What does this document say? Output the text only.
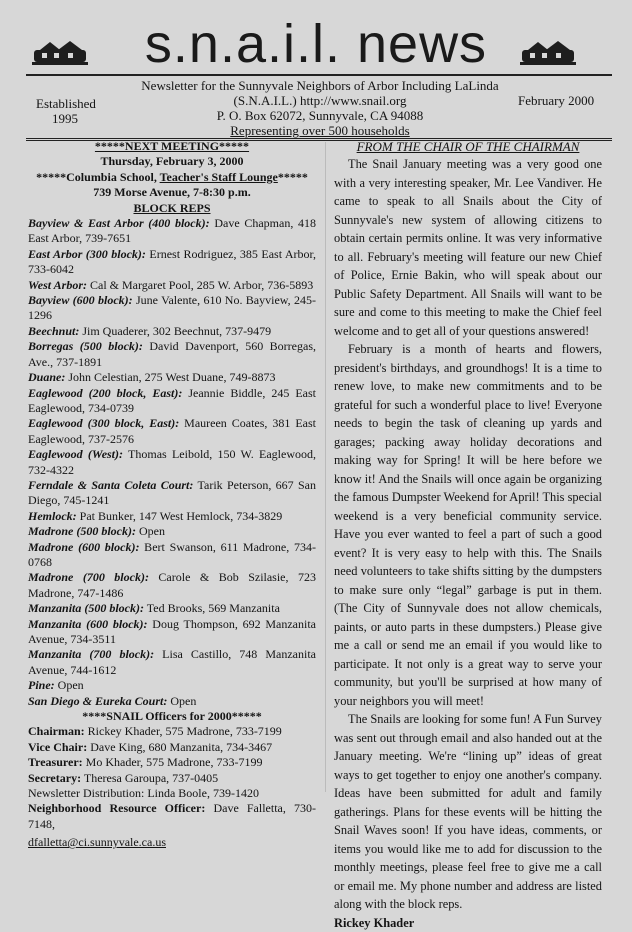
s.n.a.i.l. news
Newsletter for the Sunnyvale Neighbors of Arbor Including LaLinda
(S.N.A.I.L.) http://www.snail.org
P. O. Box 62072, Sunnyvale, CA 94088
Representing over 500 households
Established
1995
February 2000
*****NEXT MEETING*****
Thursday, February 3, 2000
*****Columbia School, Teacher's Staff Lounge*****
739 Morse Avenue, 7-8:30 p.m.
BLOCK REPS
Bayview & East Arbor (400 block): Dave Chapman, 418 East Arbor, 739-7651
East Arbor (300 block): Ernest Rodriguez, 385 East Arbor, 733-6042
West Arbor: Cal & Margaret Pool, 285 W. Arbor, 736-5893
Bayview (600 block): June Valente, 610 No. Bayview, 245-1296
Beechnut: Jim Quaderer, 302 Beechnut, 737-9479
Borregas (500 block): David Davenport, 560 Borregas, Ave., 737-1891
Duane: John Celestian, 275 West Duane, 749-8873
Eaglewood (200 block, East): Jeannie Biddle, 245 East Eaglewood, 734-0739
Eaglewood (300 block, East): Maureen Coates, 381 East Eaglewood, 737-2576
Eaglewood (West): Thomas Leibold, 150 W. Eaglewood, 732-4322
Ferndale & Santa Coleta Court: Tarik Peterson, 667 San Diego, 745-1241
Hemlock: Pat Bunker, 147 West Hemlock, 734-3829
Madrone (500 block): Open
Madrone (600 block): Bert Swanson, 611 Madrone, 734-0768
Madrone (700 block): Carole & Bob Szilasie, 723 Madrone, 747-1486
Manzanita (500 block): Ted Brooks, 569 Manzanita
Manzanita (600 block): Doug Thompson, 692 Manzanita Avenue, 734-3511
Manzanita (700 block): Lisa Castillo, 748 Manzanita Avenue, 744-1612
Pine: Open
San Diego & Eureka Court: Open
****SNAIL Officers for 2000*****
Chairman: Rickey Khader, 575 Madrone, 733-7199
Vice Chair: Dave King, 680 Manzanita, 734-3467
Treasurer: Mo Khader, 575 Madrone, 733-7199
Secretary: Theresa Garoupa, 737-0405
Newsletter Distribution: Linda Boole, 739-1420
Neighborhood Resource Officer: Dave Falletta, 730-7148,
dfalletta@ci.sunnyvale.ca.us
FROM THE CHAIR OF THE CHAIRMAN

The Snail January meeting was a very good one with a very interesting speaker, Mr. Lee Vandiver. He came to speak to all Snails about the City of Sunnyvale's new system of allowing citizens to obtain certain permits online. It was very informative to all. February's meeting will feature our new Chief of Police, Ernie Bakin, who will speak about our Public Safety Department. All Snails will want to be sure and come to this meeting to make the Chief feel welcome and to get all of your questions answered!

February is a month of hearts and flowers, president's birthdays, and groundhogs! It is a time to renew love, to make new commitments and to be grateful for such a wonderful place to live! Everyone needs to begin the task of cleaning up yards and garages; packing away holiday decorations and making way for Spring! It will be here before we know it! And the Snails will once again be organizing the famous Dumpster Weekend for April! This special weekend is a very beneficial community service. Have you ever wanted to feel a part of such a good event? It is very easy to help with this. The Snails need volunteers to take shifts sitting by the dumpsters to make sure only “legal” garbage is put in them. (The City of Sunnyvale does not allow chemicals, paints, or auto parts in these dumpsters.) Please give me a call or send me an email if you would like to participate. It not only is a great way to serve your community, but you'll be surprised at how many of your neighbors you will meet!

The Snails are looking for some fun! A Fun Survey was sent out through email and also handed out at the January meeting. We're “lining up” ideas of great ways to get together to enjoy one another's company. Ideas have been submitted for adult and family gatherings. Plans for these events will be hitting the Snail Waves soon! If you have ideas, comments, or items you would like me to add for discussion to the monthly meetings, please feel free to give me a call or email me. My phone number and address are listed along with the block reps.

Rickey Khader
